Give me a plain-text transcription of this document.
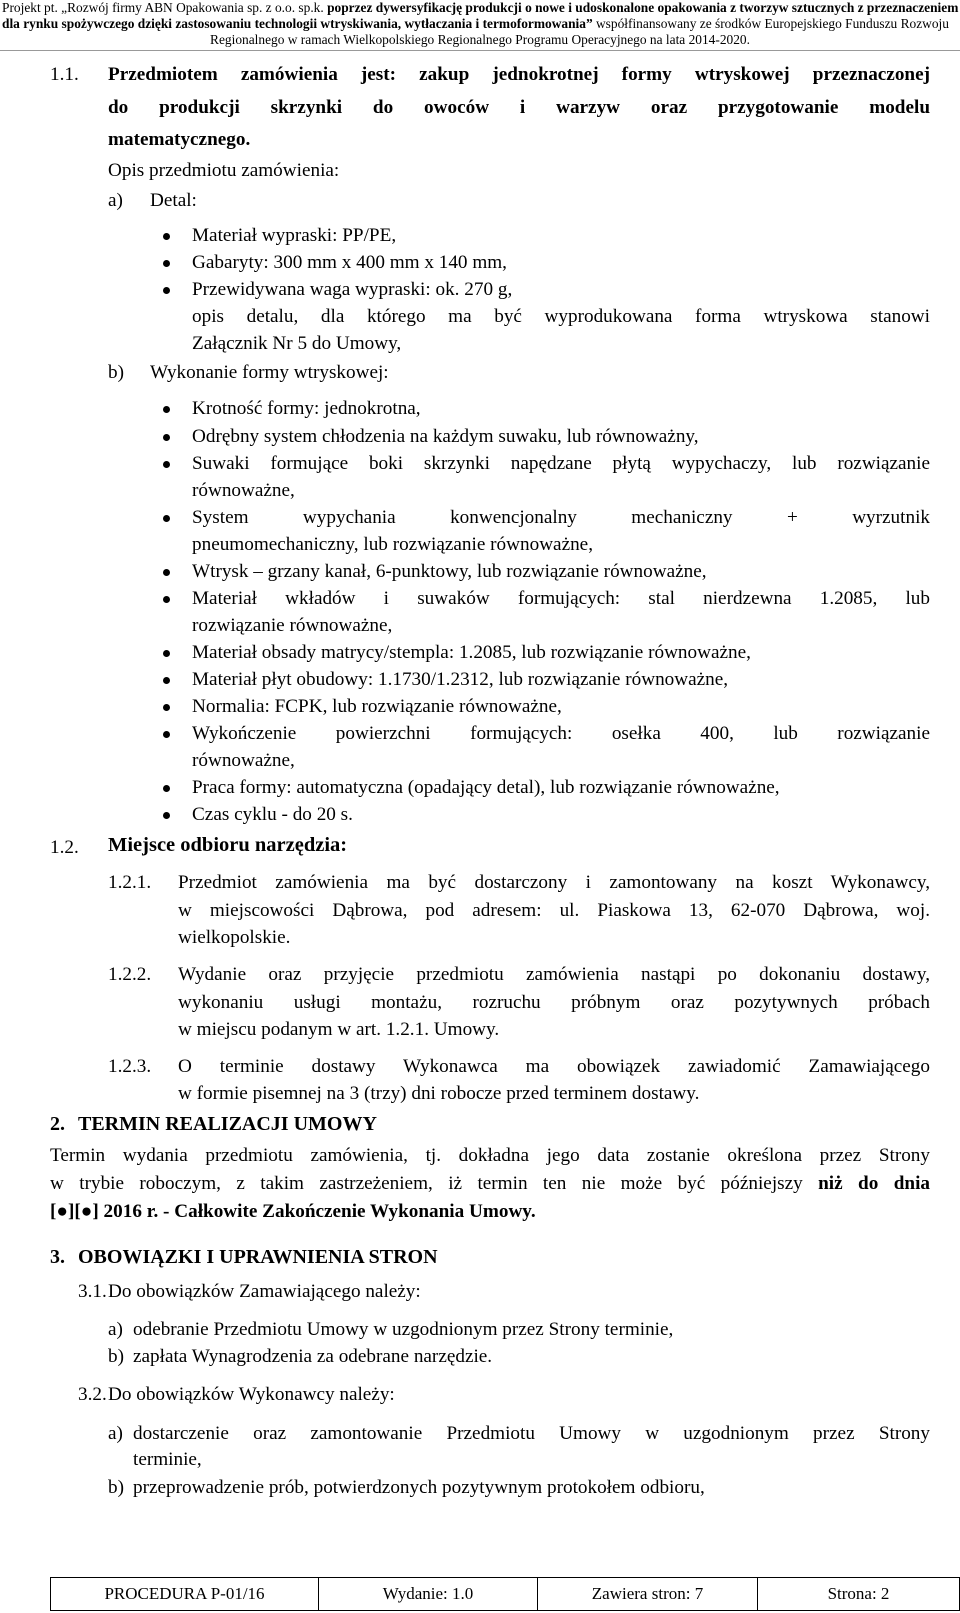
Projekt pt. „Rozwój firmy ABN Opakowania sp. z o.o. sp.k. poprzez dywersyfikację produkcji o nowe i udoskonalone opakowania z tworzyw sztucznych z przeznaczeniem
dla rynku spożywczego dzięki zastosowaniu technologii wtryskiwania, wytłaczania i termoformowania” współfinansowany ze środków Europejskiego Funduszu Rozwoju
Regionalnego w ramach Wielkopolskiego Regionalnego Programu Operacyjnego na lata 2014-2020.
1.1. Przedmiotem zamówienia jest: zakup jednokrotnej formy wtryskowej przeznaczonej
do produkcji skrzynki do owoców i warzyw oraz przygotowanie modelu
matematycznego.
Opis przedmiotu zamówienia:
a) Detal:
Materiał wypraski: PP/PE,
Gabaryty: 300 mm x 400 mm x 140 mm,
Przewidywana waga wypraski: ok. 270 g,
opis detalu, dla którego ma być wyprodukowana forma wtryskowa stanowi
Załącznik Nr 5 do Umowy,
b) Wykonanie formy wtryskowej:
Krotność formy: jednokrotna,
Odrębny system chłodzenia na każdym suwaku, lub równoważny,
Suwaki formujące boki skrzynki napędzane płytą wypychaczy, lub rozwiązanie
równoważne,
System wypychania konwencjonalny mechaniczny + wyrzutnik
pneumomechaniczny, lub rozwiązanie równoważne,
Wtrysk – grzany kanał, 6-punktowy, lub rozwiązanie równoważne,
Materiał wkładów i suwaków formujących: stal nierdzewna 1.2085, lub
rozwiązanie równoważne,
Materiał obsady matrycy/stempla: 1.2085, lub rozwiązanie równoważne,
Materiał płyt obudowy: 1.1730/1.2312, lub rozwiązanie równoważne,
Normalia: FCPK, lub rozwiązanie równoważne,
Wykończenie powierzchni formujących: osełka 400, lub rozwiązanie
równoważne,
Praca formy: automatyczna (opadający detal), lub rozwiązanie równoważne,
Czas cyklu - do 20 s.
1.2. Miejsce odbioru narzędzia:
1.2.1. Przedmiot zamówienia ma być dostarczony i zamontowany na koszt Wykonawcy,
w miejscowości Dąbrowa, pod adresem: ul. Piaskowa 13, 62-070 Dąbrowa, woj.
wielkopolskie.
1.2.2. Wydanie oraz przyjęcie przedmiotu zamówienia nastąpi po dokonaniu dostawy,
wykonaniu usługi montażu, rozruchu próbnym oraz pozytywnych próbach
w miejscu podanym w art. 1.2.1. Umowy.
1.2.3. O terminie dostawy Wykonawca ma obowiązek zawiadomić Zamawiającego
w formie pisemnej na 3 (trzy) dni robocze przed terminem dostawy.
2. TERMIN REALIZACJI UMOWY
Termin wydania przedmiotu zamówienia, tj. dokładna jego data zostanie określona przez Strony
w trybie roboczym, z takim zastrzeżeniem, iż termin ten nie może być późniejszy niż do dnia
[●][●] 2016 r. - Całkowite Zakończenie Wykonania Umowy.
3. OBOWIĄZKI I UPRAWNIENIA STRON
3.1. Do obowiązków Zamawiającego należy:
a) odebranie Przedmiotu Umowy w uzgodnionym przez Strony terminie,
b) zapłata Wynagrodzenia za odebrane narzędzie.
3.2. Do obowiązków Wykonawcy należy:
a) dostarczenie oraz zamontowanie Przedmiotu Umowy w uzgodnionym przez Strony
terminie,
b) przeprowadzenie prób, potwierdzonych pozytywnym protokołem odbioru,
PROCEDURA P-01/16	Wydanie: 1.0	Zawiera stron: 7	Strona: 2
